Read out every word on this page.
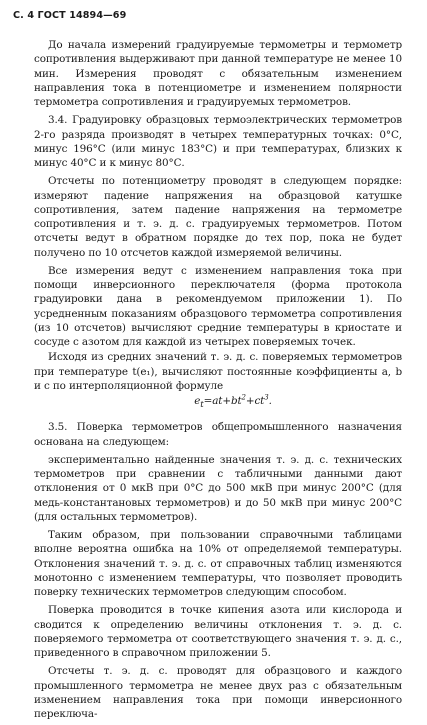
С. 4 ГОСТ 14894—69

До начала измерений градуируемые термометры и термометр сопротивления выдерживают при данной температуре не менее 10 мин. Измерения проводят с обязательным изменением направления тока в потенциометре и изменением полярности термометра сопротивления и градуируемых термометров.

3.4. Градуировку образцовых термоэлектрических термометров 2-го разряда производят в четырех температурных точках: 0°С, минус 196°С (или минус 183°С) и при температурах, близких к минус 40°С и к минус 80°С.

Отсчеты по потенциометру проводят в следующем порядке: измеряют падение напряжения на образцовой катушке сопротивления, затем падение напряжения на термометре сопротивления и т. э. д. с. градуируемых термометров. Потом отсчеты ведут в обратном порядке до тех пор, пока не будет получено по 10 отсчетов каждой измеряемой величины.

Все измерения ведут с изменением направления тока при помощи инверсионного переключателя (форма протокола градуировки дана в рекомендуемом приложении 1). По усредненным показаниям образцового термометра сопротивления (из 10 отсчетов) вычисляют средние температуры в криостате и сосуде с азотом для каждой из четырех поверяемых точек.

Исходя из средних значений т. э. д. с. поверяемых термометров при температуре t(e₁), вычисляют постоянные коэффициенты a, b и c по интерполяционной формуле

$e_t=at+bt^2+ct^3$.

3.5. Поверка термометров общепромышленного назначения основана на следующем:

экспериментально найденные значения т. э. д. с. технических термометров при сравнении с табличными данными дают отклонения от 0 мкВ при 0°С до 500 мкВ при минус 200°С (для медь-константановых термометров) и до 50 мкВ при минус 200°С (для остальных термометров).

Таким образом, при пользовании справочными таблицами вполне вероятна ошибка на 10% от определяемой температуры. Отклонения значений т. э. д. с. от справочных таблиц изменяются монотонно с изменением температуры, что позволяет проводить поверку технических термометров следующим способом.

Поверка проводится в точке кипения азота или кислорода и сводится к определению величины отклонения т. э. д. с. поверяемого термометра от соответствующего значения т. э. д. с., приведенного в справочном приложении 5.

Отсчеты т. э. д. с. проводят для образцового и каждого промышленного термометра не менее двух раз с обязательным изменением направления тока при помощи инверсионного переключа-
